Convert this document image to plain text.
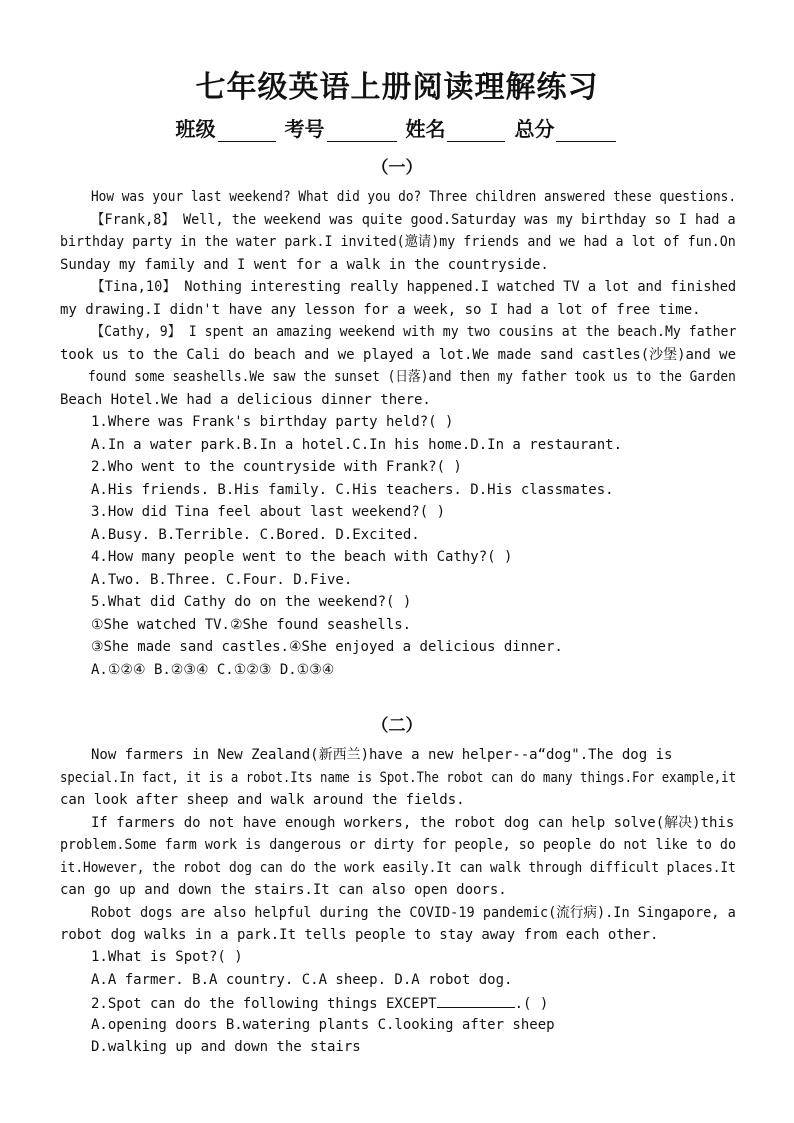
七年级英语上册阅读理解练习
班级	考号	姓名	总分
（一）
How was your last weekend? What did you do? Three children answered these questions.
【Frank,8】 Well, the weekend was quite good.Saturday was my birthday so I had a
birthday party in the water park.I invited(邀请)my friends and we had a lot of fun.On
Sunday my family and I went for a walk in the countryside.
【Tina,10】 Nothing interesting really happened.I watched TV a lot and finished
my drawing.I didn't have any lesson for a week, so I had a lot of free time.
【Cathy, 9】 I spent an amazing weekend with my two cousins at the beach.My father
took us to the Cali do beach and we played a lot.We made sand castles(沙堡)and we
found some seashells.We saw the sunset (日落)and then my father took us to the Garden
Beach Hotel.We had a delicious dinner there.
1.Where was Frank's birthday party held?( )
A.In a water park.B.In a hotel.C.In his home.D.In a restaurant.
2.Who went to the countryside with Frank?( )
A.His friends. B.His family. C.His teachers. D.His classmates.
3.How did Tina feel about last weekend?( )
A.Busy. B.Terrible. C.Bored. D.Excited.
4.How many people went to the beach with Cathy?( )
A.Two. B.Three. C.Four. D.Five.
5.What did Cathy do on the weekend?( )
①She watched TV.②She found seashells.
③She made sand castles.④She enjoyed a delicious dinner.
A.①②④ B.②③④ C.①②③ D.①③④
（二）
Now farmers in New Zealand(新西兰)have a new helper--a“dog".The dog is
special.In fact, it is a robot.Its name is Spot.The robot can do many things.For example,it
can look after sheep and walk around the fields.
If farmers do not have enough workers, the robot dog can help solve(解决)this
problem.Some farm work is dangerous or dirty for people, so people do not like to do
it.However, the robot dog can do the work easily.It can walk through difficult places.It
can go up and down the stairs.It can also open doors.
Robot dogs are also helpful during the COVID-19 pandemic(流行病).In Singapore, a
robot dog walks in a park.It tells people to stay away from each other.
1.What is Spot?( )
A.A farmer. B.A country. C.A sheep. D.A robot dog.
2.Spot can do the following things EXCEPT	.( )
A.opening doors B.watering plants C.looking after sheep
D.walking up and down the stairs
